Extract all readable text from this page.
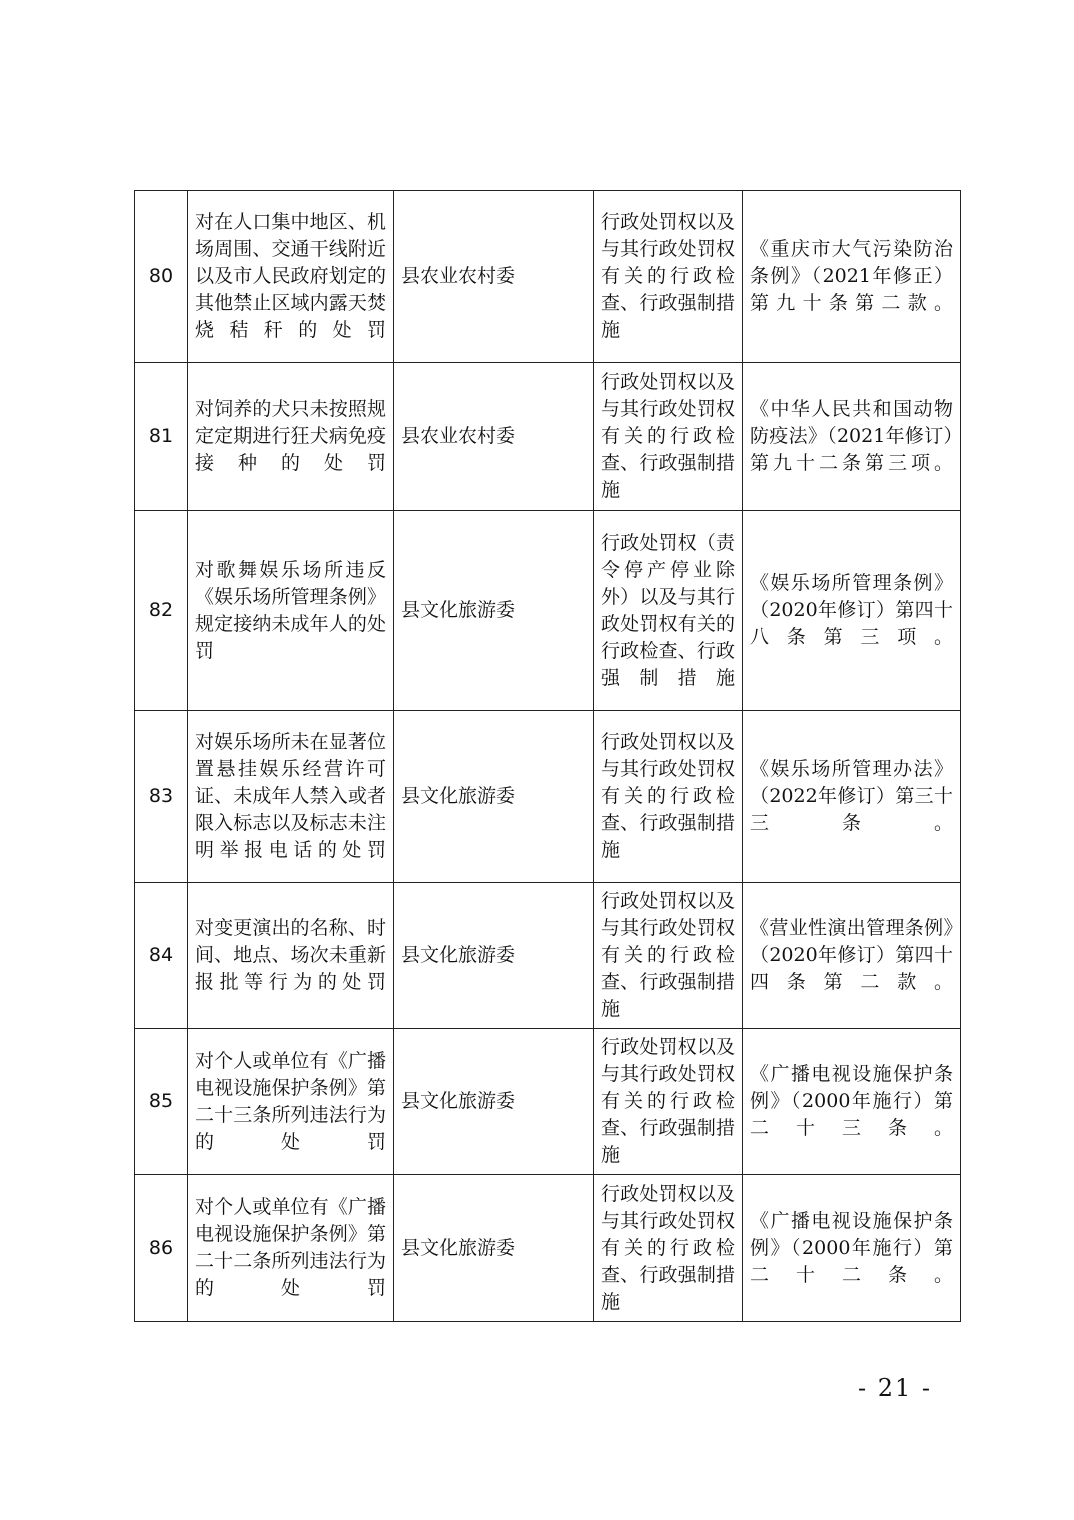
80	对在人口集中地区、机场周围、交通干线附近以及市人民政府划定的其他禁止区域内露天焚烧秸秆的处罚	县农业农村委	行政处罚权以及与其行政处罚权有关的行政检查、行政强制措施	《重庆市大气污染防治条例》（2021年修正）第九十条第二款。
81	对饲养的犬只未按照规定定期进行狂犬病免疫接种的处罚	县农业农村委	行政处罚权以及与其行政处罚权有关的行政检查、行政强制措施	《中华人民共和国动物防疫法》（2021年修订）第九十二条第三项。
82	对歌舞娱乐场所违反《娱乐场所管理条例》规定接纳未成年人的处罚	县文化旅游委	行政处罚权（责令停产停业除外）以及与其行政处罚权有关的行政检查、行政强制措施	《娱乐场所管理条例》（2020年修订）第四十八条第三项。
83	对娱乐场所未在显著位置悬挂娱乐经营许可证、未成年人禁入或者限入标志以及标志未注明举报电话的处罚	县文化旅游委	行政处罚权以及与其行政处罚权有关的行政检查、行政强制措施	《娱乐场所管理办法》（2022年修订）第三十三条。
84	对变更演出的名称、时间、地点、场次未重新报批等行为的处罚	县文化旅游委	行政处罚权以及与其行政处罚权有关的行政检查、行政强制措施	《营业性演出管理条例》（2020年修订）第四十四条第二款。
85	对个人或单位有《广播电视设施保护条例》第二十三条所列违法行为的处罚	县文化旅游委	行政处罚权以及与其行政处罚权有关的行政检查、行政强制措施	《广播电视设施保护条例》（2000年施行）第二十三条。
86	对个人或单位有《广播电视设施保护条例》第二十二条所列违法行为的处罚	县文化旅游委	行政处罚权以及与其行政处罚权有关的行政检查、行政强制措施	《广播电视设施保护条例》（2000年施行）第二十二条。
- 21 -
